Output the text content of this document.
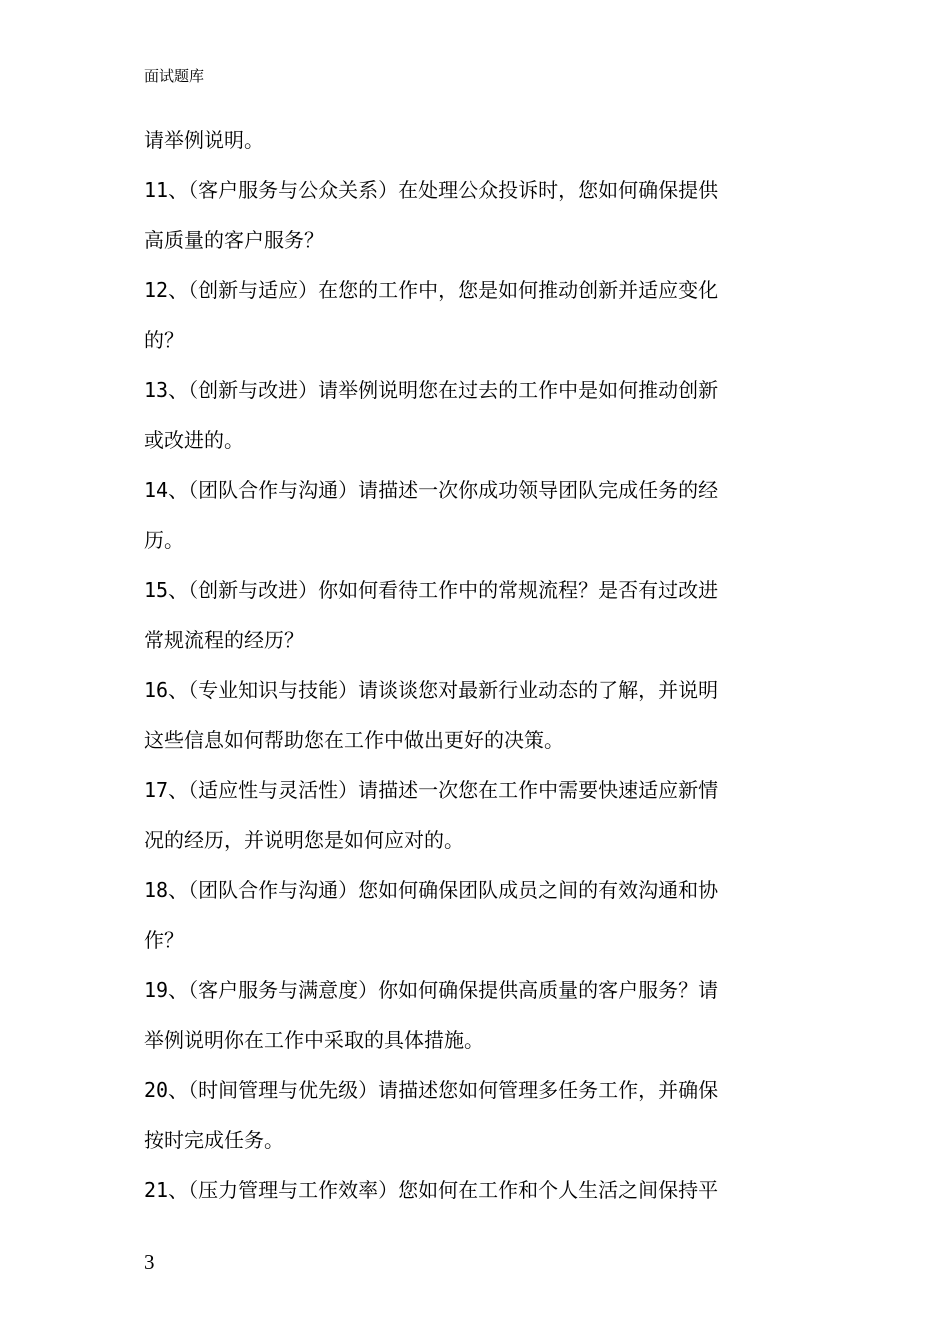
面试题库
请举例说明。
11、（客户服务与公众关系）在处理公众投诉时，您如何确保提供
高质量的客户服务？
12、（创新与适应）在您的工作中，您是如何推动创新并适应变化
的？
13、（创新与改进）请举例说明您在过去的工作中是如何推动创新
或改进的。
14、（团队合作与沟通）请描述一次你成功领导团队完成任务的经
历。
15、（创新与改进）你如何看待工作中的常规流程？是否有过改进
常规流程的经历？
16、（专业知识与技能）请谈谈您对最新行业动态的了解，并说明
这些信息如何帮助您在工作中做出更好的决策。
17、（适应性与灵活性）请描述一次您在工作中需要快速适应新情
况的经历，并说明您是如何应对的。
18、（团队合作与沟通）您如何确保团队成员之间的有效沟通和协
作？
19、（客户服务与满意度）你如何确保提供高质量的客户服务？请
举例说明你在工作中采取的具体措施。
20、（时间管理与优先级）请描述您如何管理多任务工作，并确保
按时完成任务。
21、（压力管理与工作效率）您如何在工作和个人生活之间保持平
3
